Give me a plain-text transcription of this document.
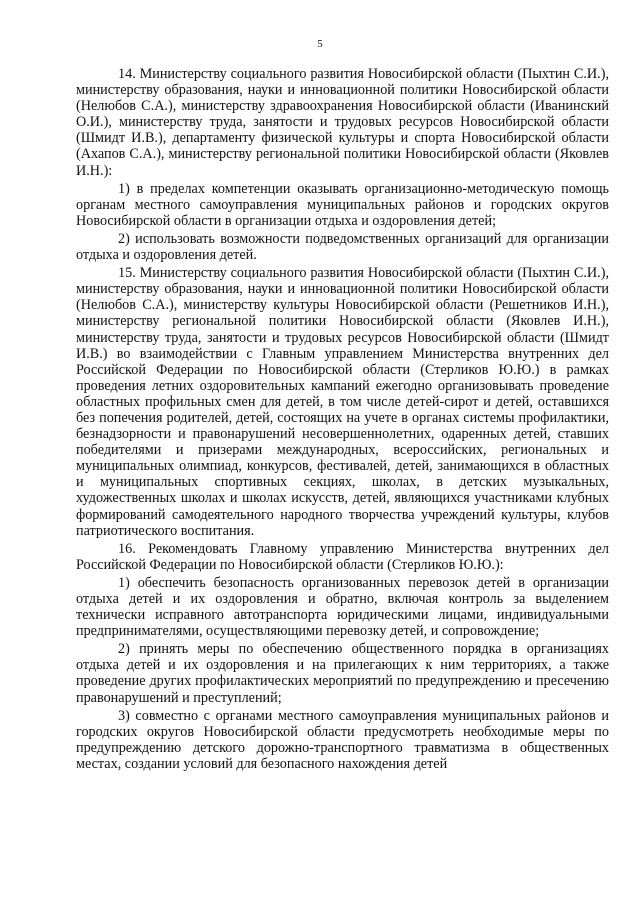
5

14. Министерству социального развития Новосибирской области (Пыхтин С.И.), министерству образования, науки и инновационной политики Новосибирской области (Нелюбов С.А.), министерству здравоохранения Новосибирской области (Иванинский О.И.), министерству труда, занятости и трудовых ресурсов Новосибирской области (Шмидт И.В.), департаменту физической культуры и спорта Новосибирской области (Ахапов С.А.), министерству региональной политики Новосибирской области (Яковлев И.Н.):

1) в пределах компетенции оказывать организационно-методическую помощь органам местного самоуправления муниципальных районов и городских округов Новосибирской области в организации отдыха и оздоровления детей;

2) использовать возможности подведомственных организаций для организации отдыха и оздоровления детей.

15. Министерству социального развития Новосибирской области (Пыхтин С.И.), министерству образования, науки и инновационной политики Новосибирской области (Нелюбов С.А.), министерству культуры Новосибирской области (Решетников И.Н.), министерству региональной политики Новосибирской области (Яковлев И.Н.), министерству труда, занятости и трудовых ресурсов Новосибирской области (Шмидт И.В.) во взаимодействии с Главным управлением Министерства внутренних дел Российской Федерации по Новосибирской области (Стерликов Ю.Ю.) в рамках проведения летних оздоровительных кампаний ежегодно организовывать проведение областных профильных смен для детей, в том числе детей-сирот и детей, оставшихся без попечения родителей, детей, состоящих на учете в органах системы профилактики, безнадзорности и правонарушений несовершеннолетних, одаренных детей, ставших победителями и призерами международных, всероссийских, региональных и муниципальных олимпиад, конкурсов, фестивалей, детей, занимающихся в областных и муниципальных спортивных секциях, школах, в детских музыкальных, художественных школах и школах искусств, детей, являющихся участниками клубных формирований самодеятельного народного творчества учреждений культуры, клубов патриотического воспитания.

16. Рекомендовать Главному управлению Министерства внутренних дел Российской Федерации по Новосибирской области (Стерликов Ю.Ю.):

1) обеспечить безопасность организованных перевозок детей в организации отдыха детей и их оздоровления и обратно, включая контроль за выделением технически исправного автотранспорта юридическими лицами, индивидуальными предпринимателями, осуществляющими перевозку детей, и сопровождение;

2) принять меры по обеспечению общественного порядка в организациях отдыха детей и их оздоровления и на прилегающих к ним территориях, а также проведение других профилактических мероприятий по предупреждению и пресечению правонарушений и преступлений;

3) совместно с органами местного самоуправления муниципальных районов и городских округов Новосибирской области предусмотреть необходимые меры по предупреждению детского дорожно-транспортного травматизма в общественных местах, создании условий для безопасного нахождения детей
